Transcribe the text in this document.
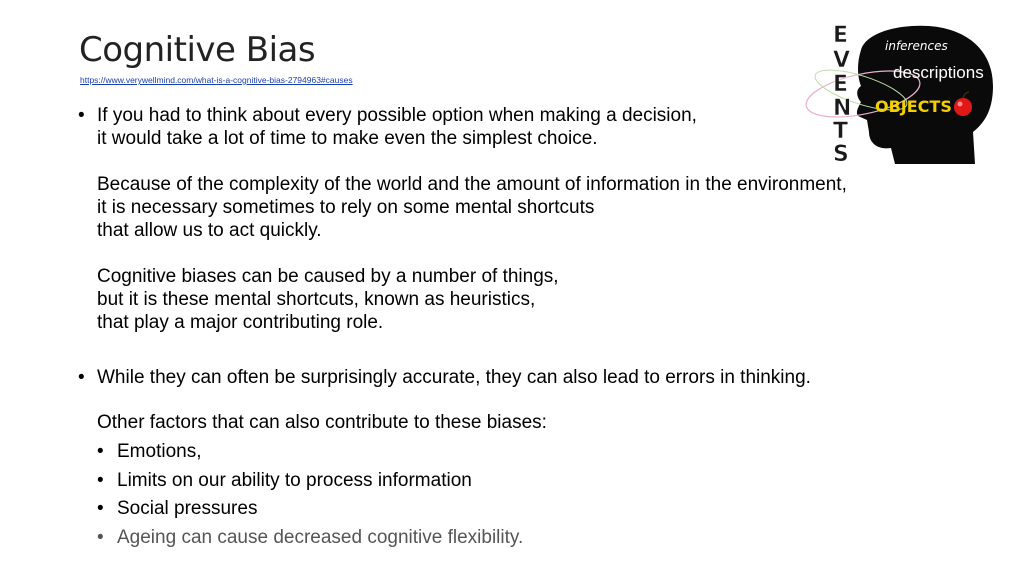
Cognitive Bias
https://www.verywellmind.com/what-is-a-cognitive-bias-2794963#causes
• If you had to think about every possible option when making a decision,
it would take a lot of time to make even the simplest choice.
Because of the complexity of the world and the amount of information in the environment,
it is necessary sometimes to rely on some mental shortcuts
that allow us to act quickly.
Cognitive biases can be caused by a number of things,
but it is these mental shortcuts, known as heuristics,
that play a major contributing role.
• While they can often be surprisingly accurate, they can also lead to errors in thinking.
Other factors that can also contribute to these biases:
• Emotions,
• Limits on our ability to process information
• Social pressures
• Ageing can cause decreased cognitive flexibility.
E
V
E
N
T
S
inferences
descriptions
OBJECTS
